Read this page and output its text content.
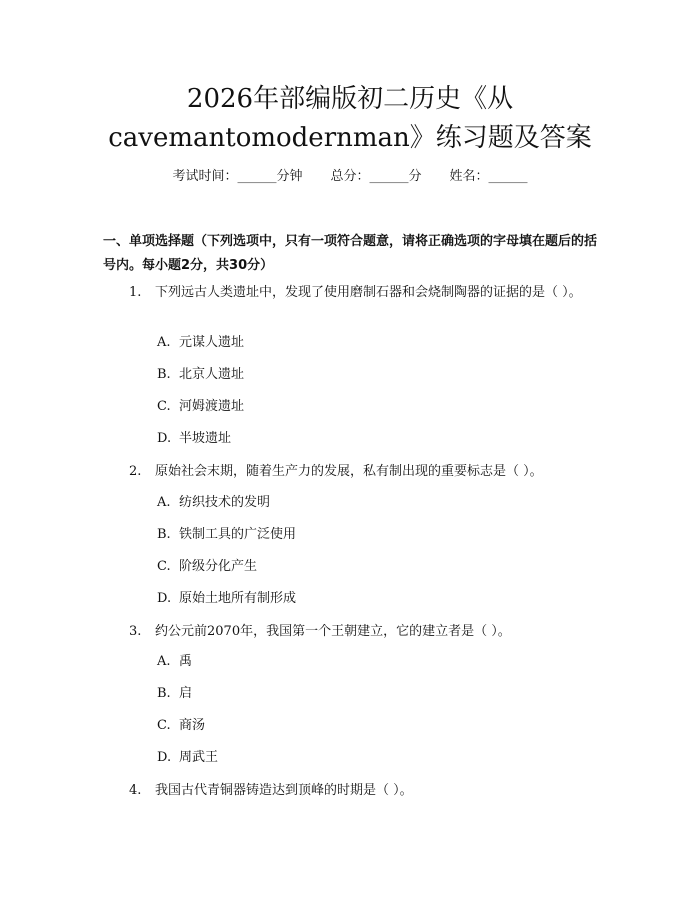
2026年部编版初二历史《从
cavemantomodernman》练习题及答案
考试时间：______分钟 总分：______分 姓名：______
一、单项选择题（下列选项中，只有一项符合题意，请将正确选项的字母填在题后的括号内。每小题2分，共30分）
1. 下列远古人类遗址中，发现了使用磨制石器和会烧制陶器的证据的是（ ）。
A. 元谋人遗址
B. 北京人遗址
C. 河姆渡遗址
D. 半坡遗址
2. 原始社会末期，随着生产力的发展，私有制出现的重要标志是（ ）。
A. 纺织技术的发明
B. 铁制工具的广泛使用
C. 阶级分化产生
D. 原始土地所有制形成
3. 约公元前2070年，我国第一个王朝建立，它的建立者是（ ）。
A. 禹
B. 启
C. 商汤
D. 周武王
4. 我国古代青铜器铸造达到顶峰的时期是（ ）。
